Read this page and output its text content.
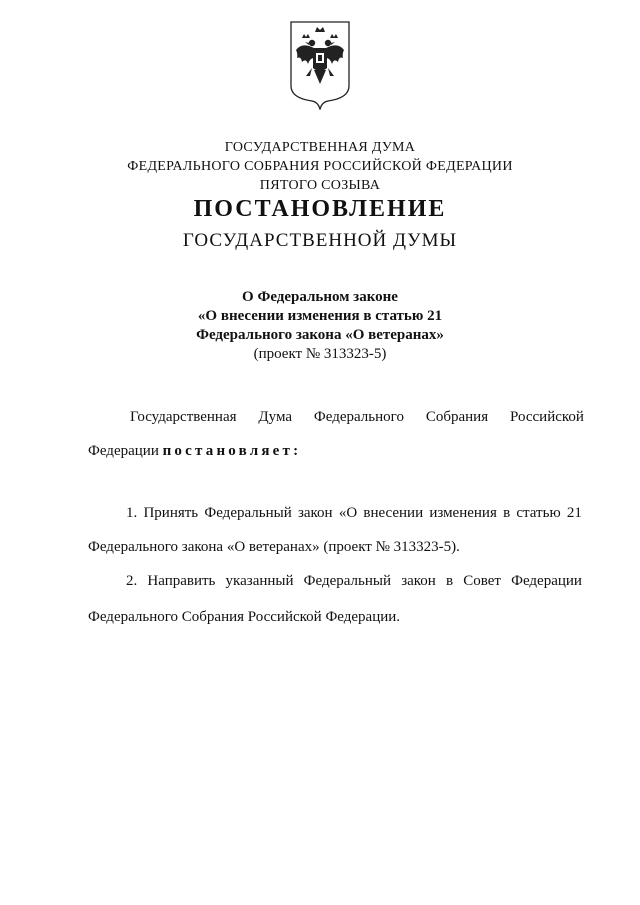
ГОСУДАРСТВЕННАЯ ДУМА
ФЕДЕРАЛЬНОГО СОБРАНИЯ РОССИЙСКОЙ ФЕДЕРАЦИИ
ПЯТОГО СОЗЫВА
ПОСТАНОВЛЕНИЕ
ГОСУДАРСТВЕННОЙ ДУМЫ
О Федеральном законе
«О внесении изменения в статью 21
Федерального закона «О ветеранах»
(проект № 313323-5)
Государственная Дума Федерального Собрания Российской
Федерации постановляет:
1. Принять Федеральный закон «О внесении изменения в статью 21
Федерального закона «О ветеранах» (проект № 313323-5).
2. Направить указанный Федеральный закон в Совет Федерации
Федерального Собрания Российской Федерации.
